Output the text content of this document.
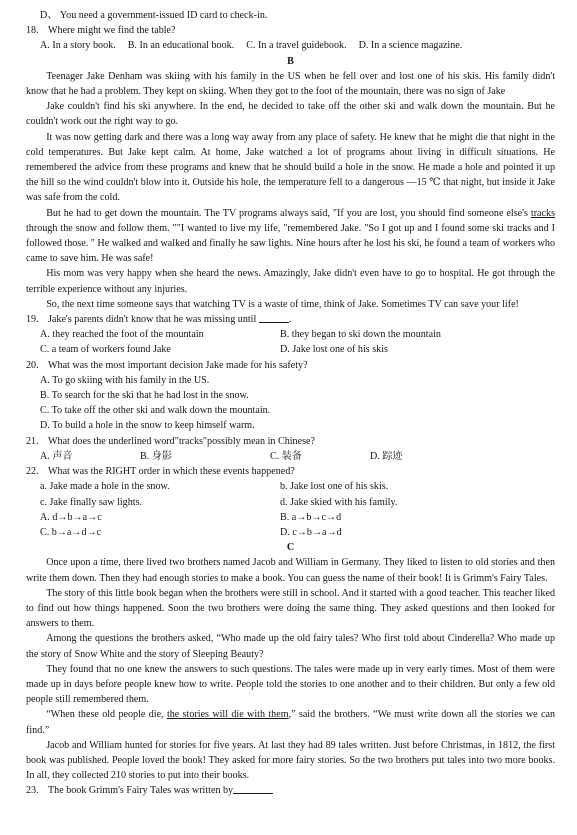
D、 You need a government-issued ID card to check-in.

18. Where might we find the table?

A. In a story book. B. In an educational book. C. In a travel guidebook. D. In a science magazine.

B

Teenager Jake Denham was skiing with his family in the US when he fell over and lost one of his skis. His family didn't know that he had a problem. They kept on skiing. When they got to the foot of the mountain, there was no sign of Jake

Jake couldn't find his ski anywhere. In the end, he decided to take off the other ski and walk down the mountain. But he couldn't work out the right way to go.

It was now getting dark and there was a long way away from any place of safety. He knew that he might die that night in the cold temperatures. But Jake kept calm. At home, Jake watched a lot of programs about living in difficult situations. He remembered the advice from these programs and knew that he should build a hole in the snow. He made a hole and pointed it up the hill so the wind couldn't blow into it. Outside his hole, the temperature fell to a dangerous —15 ℃ that night, but inside it Jake was safe from the cold.

But he had to get down the mountain. The TV programs always said, "If you are lost, you should find someone else's tracks through the snow and follow them. ""I wanted to live my life, "remembered Jake. "So I got up and I found some ski tracks and I followed those. " He walked and walked and finally he saw lights. Nine hours after he lost his ski, he found a team of workers who came to save him. He was safe!

His mom was very happy when she heard the news. Amazingly, Jake didn't even have to go to hospital. He got through the terrible experience without any injuries.

So, the next time someone says that watching TV is a waste of time, think of Jake. Sometimes TV can save your life!

19. Jake's parents didn't know that he was missing until
	.

A. they reached the foot of the mountain	B. they began to ski down the mountain

C. a team of workers found Jake	D. Jake lost one of his skis

20. What was the most important decision Jake made for his safety?

A. To go skiing with his family in the US.

B. To search for the ski that he had lost in the snow.

C. To take off the other ski and walk down the mountain.

D. To build a hole in the snow to keep himself warm.

21. What does the underlined word"tracks"possibly mean in Chinese?

A. 声音	B. 身影	C. 装备	D. 踪迹

22. What was the RIGHT order in which these events happened?

a. Jake made a hole in the snow.	b. Jake lost one of his skis.

c. Jake finally saw lights.	d. Jake skied with his family.

A. d→b→a→c	B. a→b→c→d

C. b→a→d→c	D. c→b→a→d

C

Once upon a time, there lived two brothers named Jacob and William in Germany. They liked to listen to old stories and then write them down. Then they had enough stories to make a book. You can guess the name of their book! It is Grimm's Fairy Tales.

The story of this little book began when the brothers were still in school. And it started with a good teacher. This teacher liked to find out how things happened. Soon the two brothers were doing the same thing. They asked questions and then looked for answers to them.

Among the questions the brothers asked, “Who made up the old fairy tales? Who first told about Cinderella? Who made up the story of Snow White and the story of Sleeping Beauty?

They found that no one knew the answers to such questions. The tales were made up in very early times. Most of them were made up in days before people knew how to write. People told the stories to one another and to their children. But only a few old people still remembered them.

“When these old people die, the stories will die with them,” said the brothers. “We must write down all the stories we can find.”

Jacob and William hunted for stories for five years. At last they had 89 tales written. Just before Christmas, in 1812, the first book was published. People loved the book! They asked for more fairy stories. So the two brothers put tales into two more books. In all, they collected 210 stories to put into their books.

23. The book Grimm's Fairy Tales was written by
